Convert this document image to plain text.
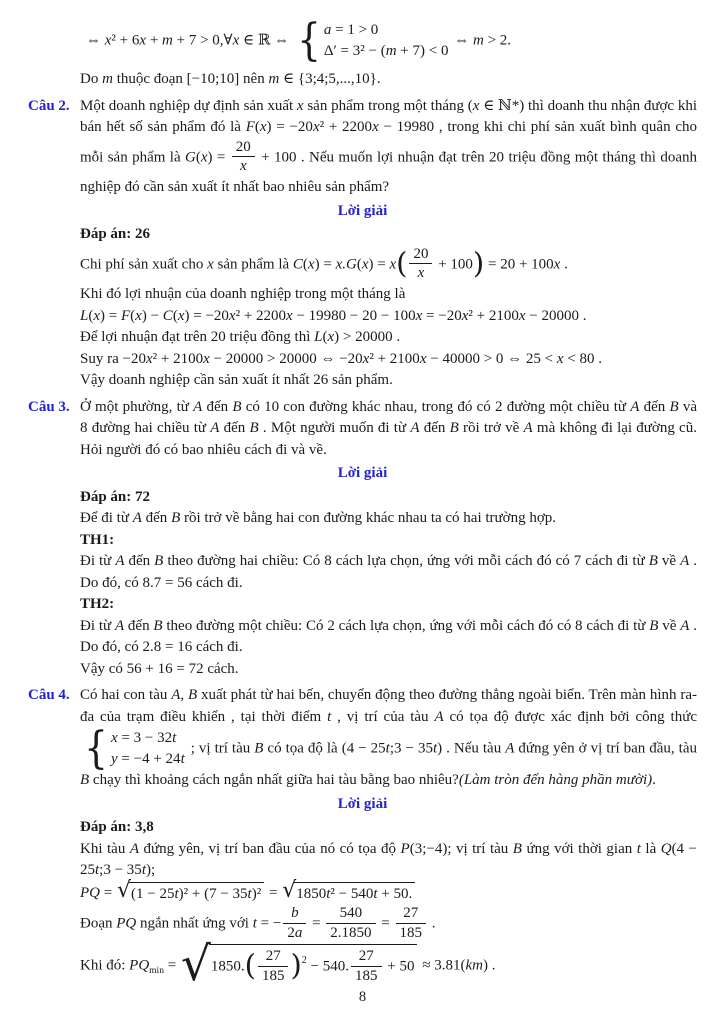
⇔ x² + 6x + m + 7 > 0,∀x ∈ ℝ ⇔ { a = 1 > 0
Δ′ = 3² − (m + 7) < 0
⇔ m > 2.
Do m thuộc đoạn [−10;10] nên m ∈ {3;4;5,...,10}.
Câu 2. Một doanh nghiệp dự định sản xuất x sản phẩm trong một tháng (x ∈ ℕ*) thì doanh thu nhận được khi bán hết số sản phẩm đó là F(x) = −20x² + 2200x − 19980 , trong khi chi phí sản xuất bình quân cho mỗi sản phẩm là $G(x) = \frac{20}{x} + 100$ . Nếu muốn lợi nhuận đạt trên 20 triệu đồng một tháng thì doanh nghiệp đó cần sản xuất ít nhất bao nhiêu sản phẩm?
Lời giải
Đáp án: 26
Chi phí sản xuất cho x sản phẩm là $C(x) = x.G(x) = x( \frac{20}{x} + 100) = 20 + 100x$ .
Khi đó lợi nhuận của doanh nghiệp trong một tháng là
L(x) = F(x) − C(x) = −20x² + 2200x − 19980 − 20 − 100x = −20x² + 2100x − 20000 .
Để lợi nhuận đạt trên 20 triệu đồng thì L(x) > 20000 .
Suy ra −20x² + 2100x − 20000 > 20000 ⇔ −20x² + 2100x − 40000 > 0 ⇔ 25 < x < 80 .
Vậy doanh nghiệp cần sản xuất ít nhất 26 sản phẩm.
Câu 3. Ở một phường, từ A đến B có 10 con đường khác nhau, trong đó có 2 đường một chiều từ A đến B và 8 đường hai chiều từ A đến B . Một người muốn đi từ A đến B rồi trở về A mà không đi lại đường cũ. Hỏi người đó có bao nhiêu cách đi và về.
Lời giải
Đáp án: 72
Để đi từ A đến B rồi trở về bằng hai con đường khác nhau ta có hai trường hợp.
TH1:
Đi từ A đến B theo đường hai chiều: Có 8 cách lựa chọn, ứng với mỗi cách đó có 7 cách đi từ B về A . Do đó, có 8.7 = 56 cách đi.
TH2:
Đi từ A đến B theo đường một chiều: Có 2 cách lựa chọn, ứng với mỗi cách đó có 8 cách đi từ B về A . Do đó, có 2.8 = 16 cách đi.
Vậy có 56 + 16 = 72 cách.
Câu 4. Có hai con tàu A, B xuất phát từ hai bến, chuyển động theo đường thẳng ngoài biển. Trên màn hình ra-đa của trạm điều khiển , tại thời điểm t , vị trí của tàu A có tọa độ được xác định bởi công thức
{ x = 3 − 32t
y = −4 + 24t
; vị trí tàu B có tọa độ là (4 − 25t;3 − 35t) . Nếu tàu A đứng yên ở vị trí ban đầu, tàu B chạy thì khoảng cách ngắn nhất giữa hai tàu bằng bao nhiêu?(Làm tròn đến hàng phần mười).
Lời giải
Đáp án: 3,8
Khi tàu A đứng yên, vị trí ban đầu của nó có tọa độ P(3;−4); vị trí tàu B ứng với thời gian t là Q(4 − 25t;3 − 35t);
PQ = √ (1 − 25t)² + (7 − 35t)² = √ 1850t² − 540t + 50.
Đoạn PQ ngắn nhất ứng với t = − $\frac{b}{2a} = \frac{540}{2.1850} = \frac{27}{185}$ .
Khi đó: $PQ_{min}$ = √ $1850.( \frac{27}{185} )^2 - 540$. $\frac{27}{185} + 50 \approx 3.81(km)$ .
8
